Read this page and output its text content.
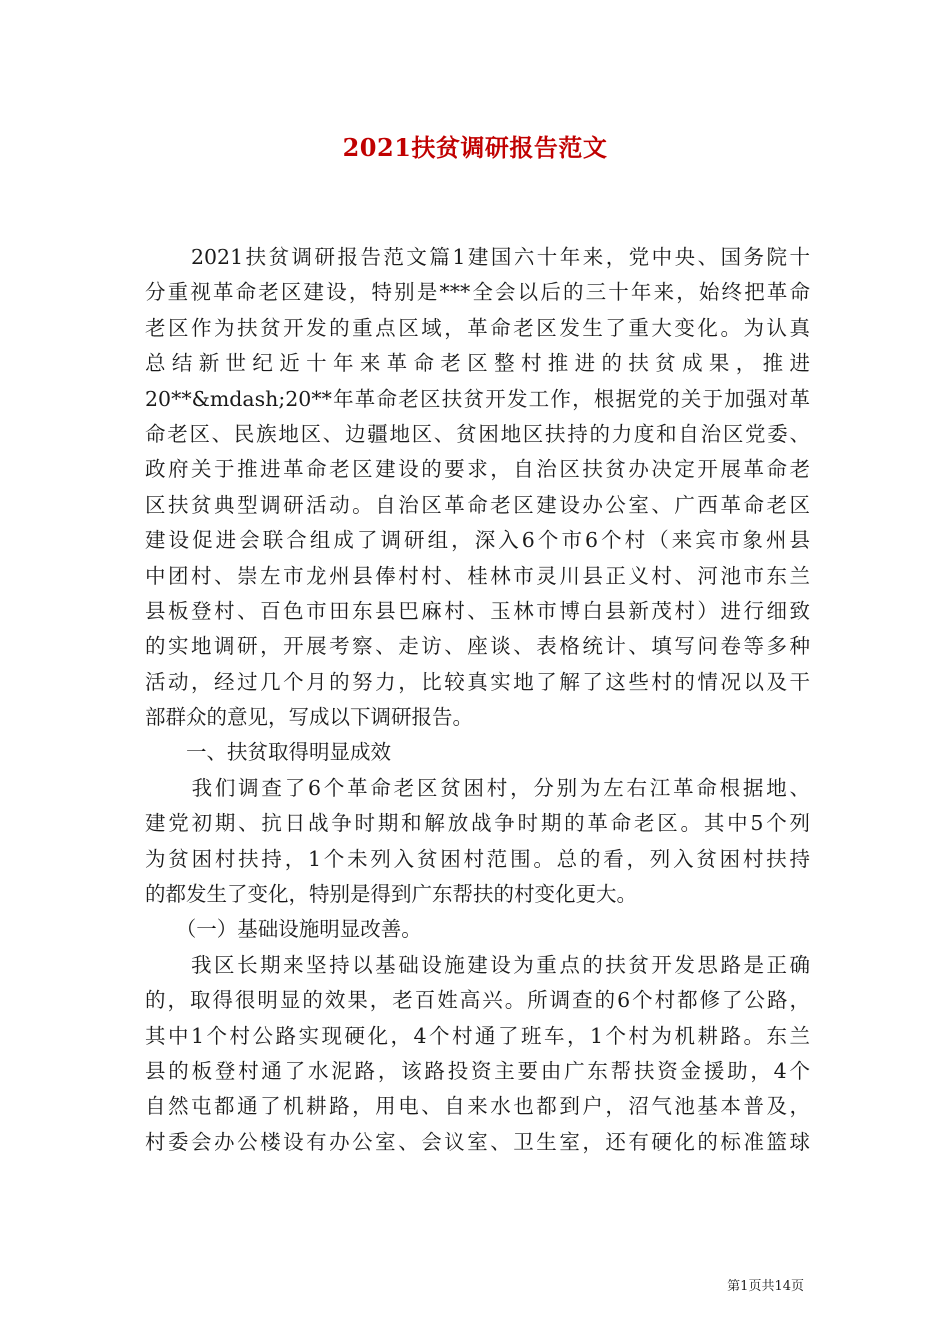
2021扶贫调研报告范文
　　2021扶贫调研报告范文篇1建国六十年来，党中央、国务院十
分重视革命老区建设，特别是***全会以后的三十年来，始终把革命
老区作为扶贫开发的重点区域，革命老区发生了重大变化。为认真
总结新世纪近十年来革命老区整村推进的扶贫成果，推进
20**&mdash;20**年革命老区扶贫开发工作，根据党的关于加强对革
命老区、民族地区、边疆地区、贫困地区扶持的力度和自治区党委、
政府关于推进革命老区建设的要求，自治区扶贫办决定开展革命老
区扶贫典型调研活动。自治区革命老区建设办公室、广西革命老区
建设促进会联合组成了调研组，深入6个市6个村（来宾市象州县
中团村、崇左市龙州县俸村村、桂林市灵川县正义村、河池市东兰
县板登村、百色市田东县巴麻村、玉林市博白县新茂村）进行细致
的实地调研，开展考察、走访、座谈、表格统计、填写问卷等多种
活动，经过几个月的努力，比较真实地了解了这些村的情况以及干
部群众的意见，写成以下调研报告。
　　一、扶贫取得明显成效
　　我们调查了6个革命老区贫困村，分别为左右江革命根据地、
建党初期、抗日战争时期和解放战争时期的革命老区。其中5个列
为贫困村扶持，1个未列入贫困村范围。总的看，列入贫困村扶持
的都发生了变化，特别是得到广东帮扶的村变化更大。
　　（一）基础设施明显改善。
　　我区长期来坚持以基础设施建设为重点的扶贫开发思路是正确
的，取得很明显的效果，老百姓高兴。所调查的6个村都修了公路，
其中1个村公路实现硬化，4个村通了班车，1个村为机耕路。东兰
县的板登村通了水泥路，该路投资主要由广东帮扶资金援助，4个
自然屯都通了机耕路，用电、自来水也都到户，沼气池基本普及，
村委会办公楼设有办公室、会议室、卫生室，还有硬化的标准篮球
第1页共14页
